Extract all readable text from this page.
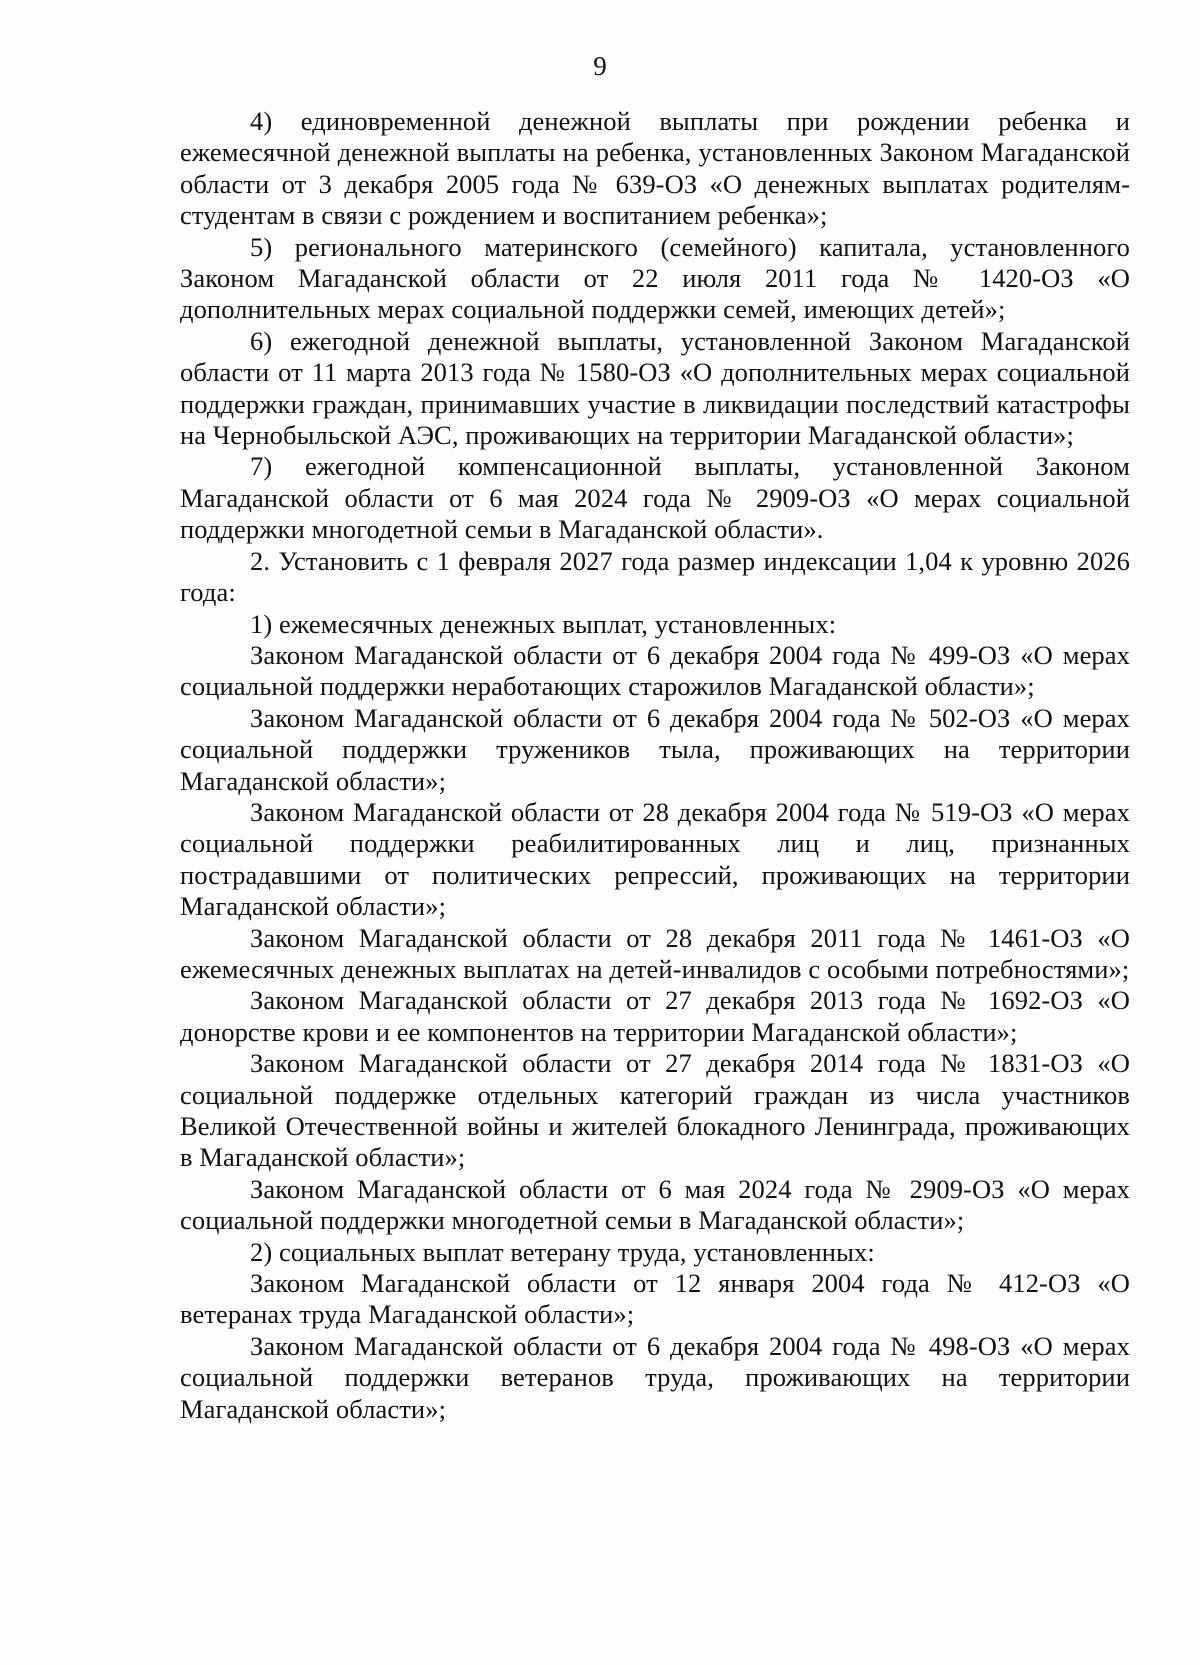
9

4) единовременной денежной выплаты при рождении ребенка и ежемесячной денежной выплаты на ребенка, установленных Законом Магаданской области от 3 декабря 2005 года № 639-ОЗ «О денежных выплатах родителям-студентам в связи с рождением и воспитанием ребенка»;

5) регионального материнского (семейного) капитала, установленного Законом Магаданской области от 22 июля 2011 года № 1420-ОЗ «О дополнительных мерах социальной поддержки семей, имеющих детей»;

6) ежегодной денежной выплаты, установленной Законом Магаданской области от 11 марта 2013 года № 1580-ОЗ «О дополнительных мерах социальной поддержки граждан, принимавших участие в ликвидации последствий катастрофы на Чернобыльской АЭС, проживающих на территории Магаданской области»;

7) ежегодной компенсационной выплаты, установленной Законом Магаданской области от 6 мая 2024 года № 2909-ОЗ «О мерах социальной поддержки многодетной семьи в Магаданской области».

2. Установить с 1 февраля 2027 года размер индексации 1,04 к уровню 2026 года:

1) ежемесячных денежных выплат, установленных:

Законом Магаданской области от 6 декабря 2004 года № 499-ОЗ «О мерах социальной поддержки неработающих старожилов Магаданской области»;

Законом Магаданской области от 6 декабря 2004 года № 502-ОЗ «О мерах социальной поддержки тружеников тыла, проживающих на территории Магаданской области»;

Законом Магаданской области от 28 декабря 2004 года № 519-ОЗ «О мерах социальной поддержки реабилитированных лиц и лиц, признанных пострадавшими от политических репрессий, проживающих на территории Магаданской области»;

Законом Магаданской области от 28 декабря 2011 года № 1461-ОЗ «О ежемесячных денежных выплатах на детей-инвалидов с особыми потребностями»;

Законом Магаданской области от 27 декабря 2013 года № 1692-ОЗ «О донорстве крови и ее компонентов на территории Магаданской области»;

Законом Магаданской области от 27 декабря 2014 года № 1831-ОЗ «О социальной поддержке отдельных категорий граждан из числа участников Великой Отечественной войны и жителей блокадного Ленинграда, проживающих в Магаданской области»;

Законом Магаданской области от 6 мая 2024 года № 2909-ОЗ «О мерах социальной поддержки многодетной семьи в Магаданской области»;

2) социальных выплат ветерану труда, установленных:

Законом Магаданской области от 12 января 2004 года № 412-ОЗ «О ветеранах труда Магаданской области»;

Законом Магаданской области от 6 декабря 2004 года № 498-ОЗ «О мерах социальной поддержки ветеранов труда, проживающих на территории Магаданской области»;
